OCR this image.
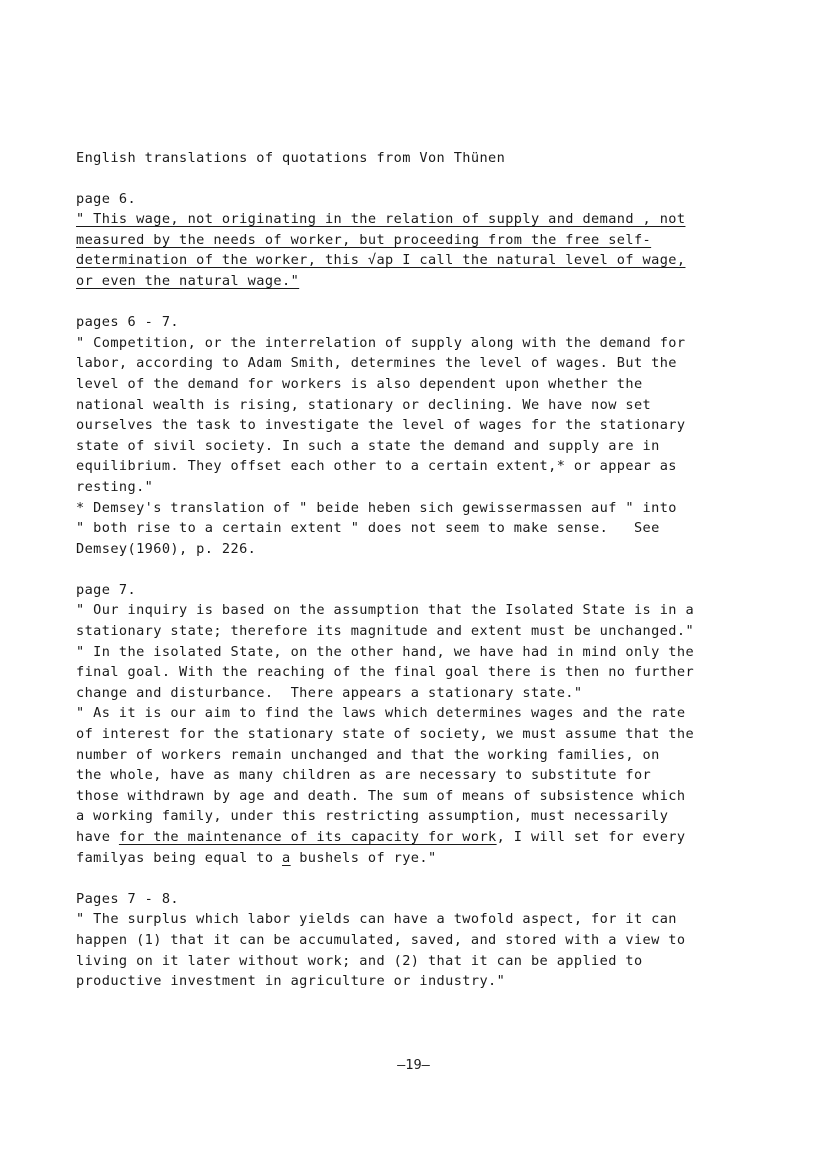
English translations of quotations from Von Thünen
page 6.
" This wage, not originating in the relation of supply and demand , not
measured by the needs of worker, but proceeding from the free self-
determination of the worker, this √ap I call the natural level of wage,
or even the natural wage."
pages 6 - 7.
" Competition, or the interrelation of supply along with the demand for
labor, according to Adam Smith, determines the level of wages. But the
level of the demand for workers is also dependent upon whether the
national wealth is rising, stationary or declining. We have now set
ourselves the task to investigate the level of wages for the stationary
state of sivil society. In such a state the demand and supply are in
equilibrium. They offset each other to a certain extent,* or appear as
resting."
* Demsey's translation of " beide heben sich gewissermassen auf " into
" both rise to a certain extent " does not seem to make sense.   See
Demsey(1960), p. 226.
page 7.
" Our inquiry is based on the assumption that the Isolated State is in a
stationary state; therefore its magnitude and extent must be unchanged."
" In the isolated State, on the other hand, we have had in mind only the
final goal. With the reaching of the final goal there is then no further
change and disturbance.  There appears a stationary state."
" As it is our aim to find the laws which determines wages and the rate
of interest for the stationary state of society, we must assume that the
number of workers remain unchanged and that the working families, on
the whole, have as many children as are necessary to substitute for
those withdrawn by age and death. The sum of means of subsistence which
a working family, under this restricting assumption, must necessarily
have for the maintenance of its capacity for work, I will set for every
familyas being equal to a bushels of rye."
Pages 7 - 8.
" The surplus which labor yields can have a twofold aspect, for it can
happen (1) that it can be accumulated, saved, and stored with a view to
living on it later without work; and (2) that it can be applied to
productive investment in agriculture or industry."
—19—
